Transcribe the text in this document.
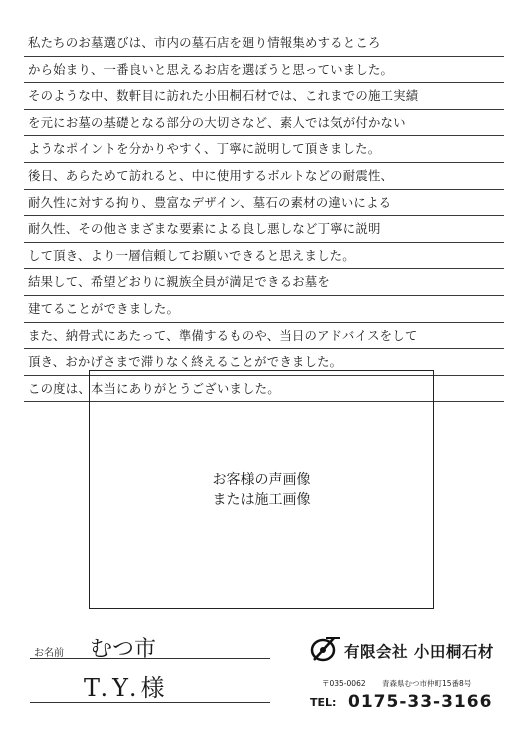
私たちのお墓選びは、市内の墓石店を廻り情報集めするところ
から始まり、一番良いと思えるお店を選ぼうと思っていました。
そのような中、数軒目に訪れた小田桐石材では、これまでの施工実績
を元にお墓の基礎となる部分の大切さなど、素人では気が付かない
ようなポイントを分かりやすく、丁寧に説明して頂きました。
後日、あらためて訪れると、中に使用するボルトなどの耐震性、
耐久性に対する拘り、豊富なデザイン、墓石の素材の違いによる
耐久性、その他さまざまな要素による良し悪しなど丁寧に説明
して頂き、より一層信頼してお願いできると思えました。
結果して、希望どおりに親族全員が満足できるお墓を
建てることができました。
また、納骨式にあたって、準備するものや、当日のアドバイスをして
頂き、おかげさまで滞りなく終えることができました。
この度は、本当にありがとうございました。
お客様の声画像
または施工画像
お名前 むつ市
T.Y.様
有限会社 小田桐石材
〒035-0062 青森県むつ市仲町15番8号
TEL: 0175-33-3166
